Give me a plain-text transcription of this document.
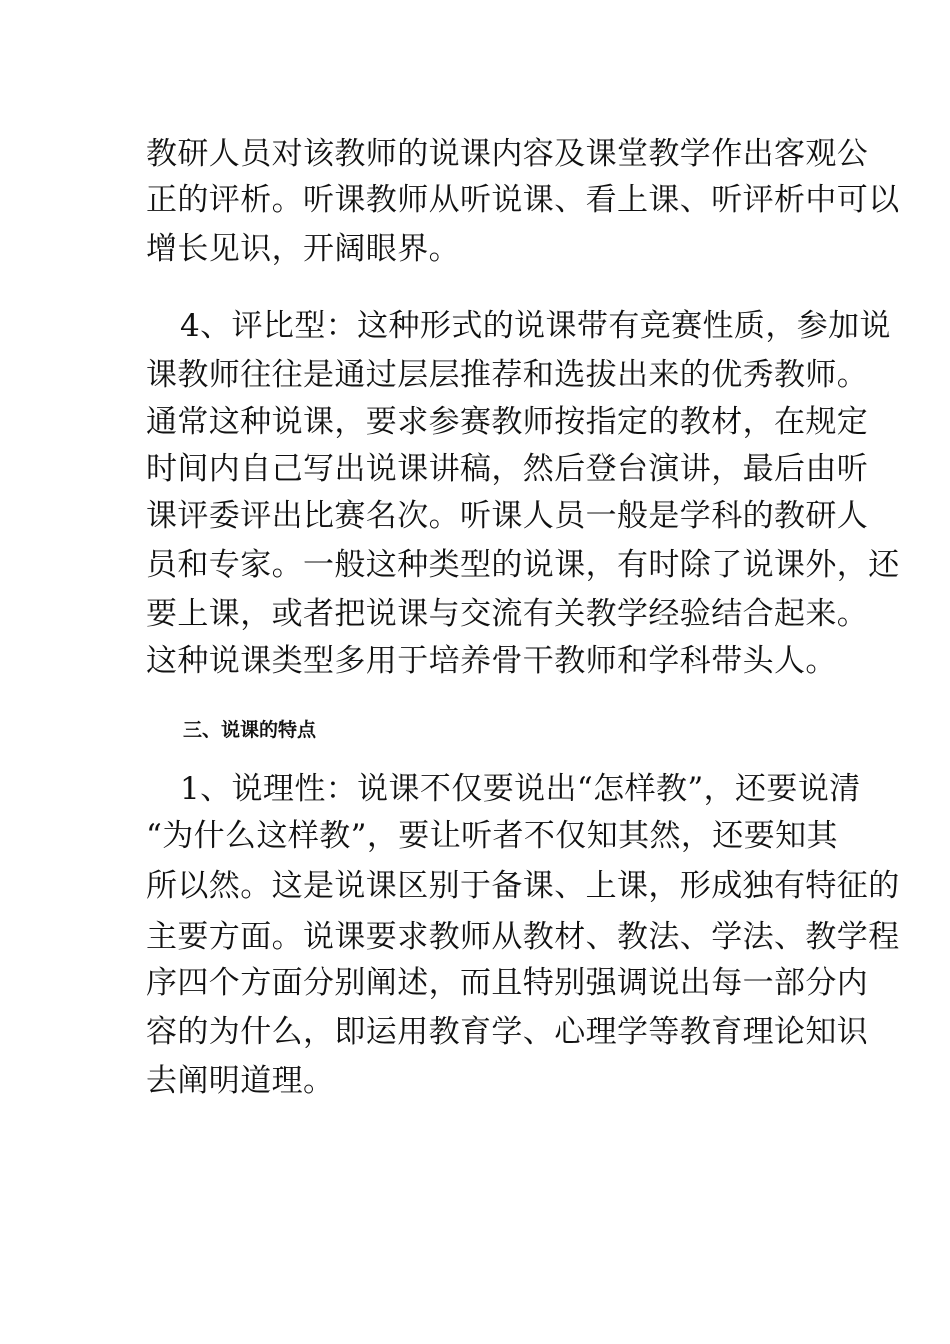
教研人员对该教师的说课内容及课堂教学作出客观公
正的评析。听课教师从听说课、看上课、听评析中可以
增长见识，开阔眼界。
4、评比型：这种形式的说课带有竞赛性质，参加说
课教师往往是通过层层推荐和选拔出来的优秀教师。
通常这种说课，要求参赛教师按指定的教材，在规定
时间内自己写出说课讲稿，然后登台演讲，最后由听
课评委评出比赛名次。听课人员一般是学科的教研人
员和专家。一般这种类型的说课，有时除了说课外，还
要上课，或者把说课与交流有关教学经验结合起来。
这种说课类型多用于培养骨干教师和学科带头人。
三、说课的特点
1、说理性：说课不仅要说出“怎样教”，还要说清
“为什么这样教”，要让听者不仅知其然，还要知其
所以然。这是说课区别于备课、上课，形成独有特征的
主要方面。说课要求教师从教材、教法、学法、教学程
序四个方面分别阐述，而且特别强调说出每一部分内
容的为什么，即运用教育学、心理学等教育理论知识
去阐明道理。
